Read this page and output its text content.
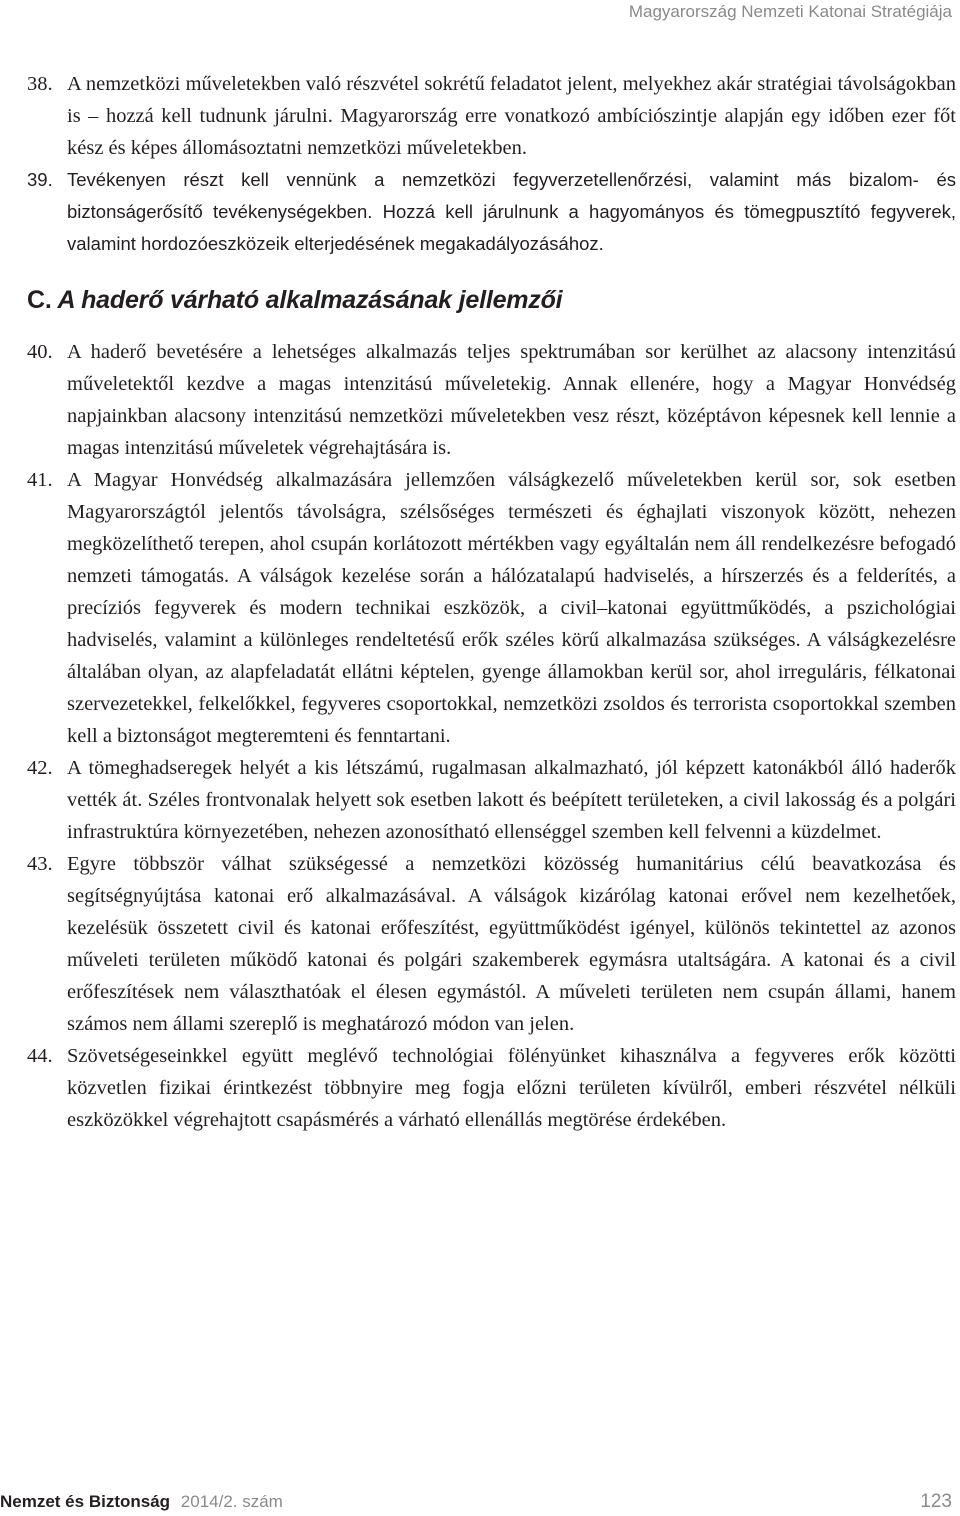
Magyarország Nemzeti Katonai Stratégiája

38. A nemzetközi műveletekben való részvétel sokrétű feladatot jelent, melyekhez akár stratégiai távolságokban is – hozzá kell tudnunk járulni. Magyarország erre vonatkozó ambíciószintje alapján egy időben ezer főt kész és képes állomásoztatni nemzetközi műveletekben.

39. Tevékenyen részt kell vennünk a nemzetközi fegyverzetellenőrzési, valamint más bizalom- és biztonságerősítő tevékenységekben. Hozzá kell járulnunk a hagyományos és tömegpusztító fegyverek, valamint hordozóeszközeik elterjedésének megakadályozásához.

C. A haderő várható alkalmazásának jellemzői

40. A haderő bevetésére a lehetséges alkalmazás teljes spektrumában sor kerülhet az alacsony intenzitású műveletektől kezdve a magas intenzitású műveletekig. Annak ellenére, hogy a Magyar Honvédség napjainkban alacsony intenzitású nemzetközi műveletekben vesz részt, középtávon képesnek kell lennie a magas intenzitású műveletek végrehajtására is.

41. A Magyar Honvédség alkalmazására jellemzően válságkezelő műveletekben kerül sor, sok esetben Magyarországtól jelentős távolságra, szélsőséges természeti és éghajlati viszonyok között, nehezen megközelíthető terepen, ahol csupán korlátozott mértékben vagy egyáltalán nem áll rendelkezésre befogadó nemzeti támogatás. A válságok kezelése során a hálózatalapú hadviselés, a hírszerzés és a felderítés, a precíziós fegyverek és modern technikai eszközök, a civil–katonai együttműködés, a pszichológiai hadviselés, valamint a különleges rendeltetésű erők széles körű alkalmazása szükséges. A válságkezelésre általában olyan, az alapfeladatát ellátni képtelen, gyenge államokban kerül sor, ahol irreguláris, félkatonai szervezetekkel, felkelőkkel, fegyveres csoportokkal, nemzetközi zsoldos és terrorista csoportokkal szemben kell a biztonságot megteremteni és fenntartani.

42. A tömeghadseregek helyét a kis létszámú, rugalmasan alkalmazható, jól képzett katonákból álló haderők vették át. Széles frontvonalak helyett sok esetben lakott és beépített területeken, a civil lakosság és a polgári infrastruktúra környezetében, nehezen azonosítható ellenséggel szemben kell felvenni a küzdelmet.

43. Egyre többször válhat szükségessé a nemzetközi közösség humanitárius célú beavatkozása és segítségnyújtása katonai erő alkalmazásával. A válságok kizárólag katonai erővel nem kezelhetőek, kezelésük összetett civil és katonai erőfeszítést, együttműködést igényel, különös tekintettel az azonos műveleti területen működő katonai és polgári szakemberek egymásra utaltságára. A katonai és a civil erőfeszítések nem választhatóak el élesen egymástól. A műveleti területen nem csupán állami, hanem számos nem állami szereplő is meghatározó módon van jelen.

44. Szövetségeseinkkel együtt meglévő technológiai fölényünket kihasználva a fegyveres erők közötti közvetlen fizikai érintkezést többnyire meg fogja előzni területen kívülről, emberi részvétel nélküli eszközökkel végrehajtott csapásmérés a várható ellenállás megtörése érdekében.

Nemzet és Biztonság 2014/2. szám	123
